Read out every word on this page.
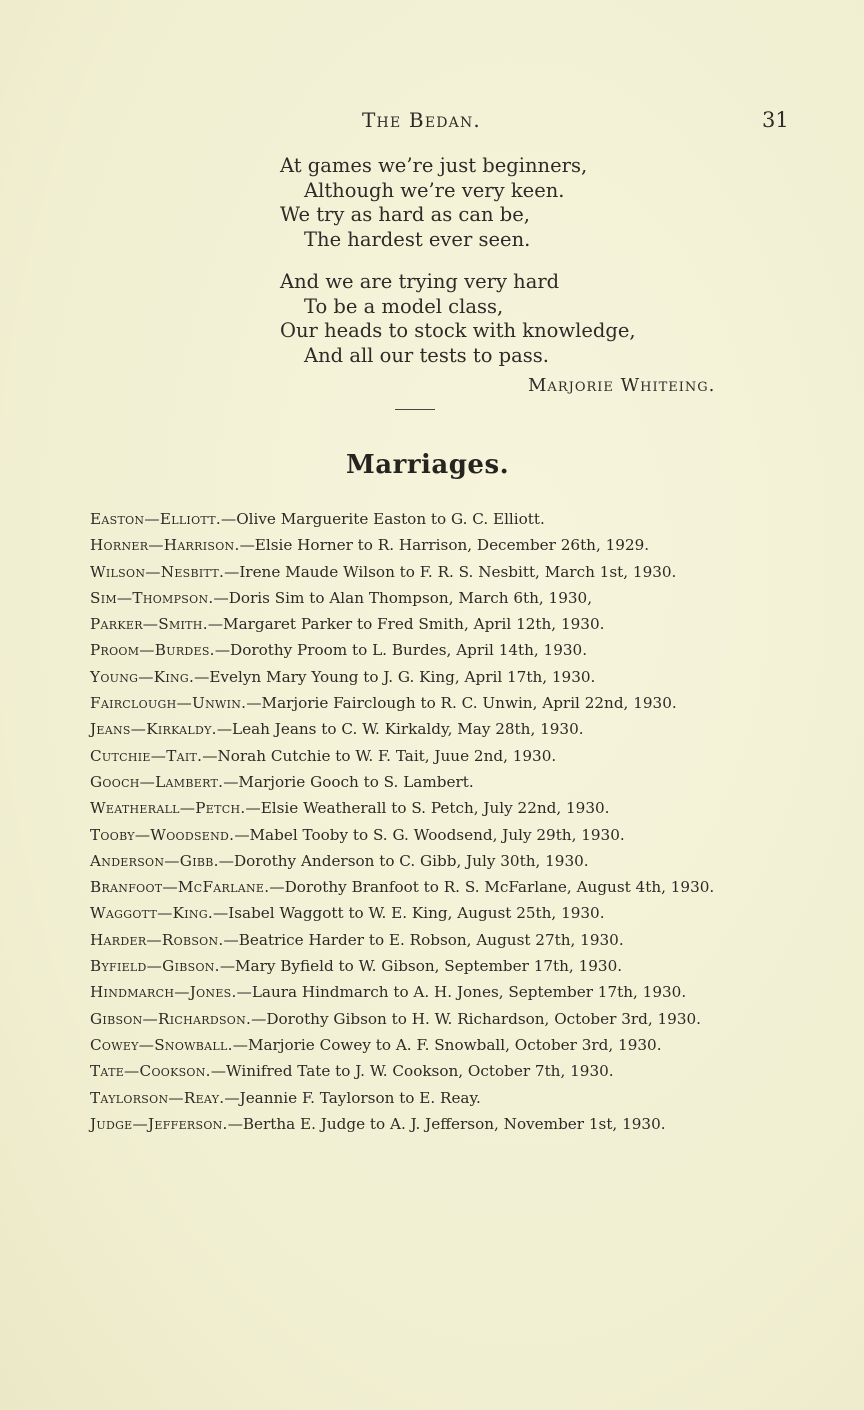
The Bedan.	31
At games we’re just beginners,
Although we’re very keen.
We try as hard as can be,
The hardest ever seen.
And we are trying very hard
To be a model class,
Our heads to stock with knowledge,
And all our tests to pass.
Marjorie Whiteing.
Marriages.
Easton—Elliott.—Olive Marguerite Easton to G. C. Elliott.
Horner—Harrison.—Elsie Horner to R. Harrison, December 26th, 1929.
Wilson—Nesbitt.—Irene Maude Wilson to F. R. S. Nesbitt, March 1st, 1930.
Sim—Thompson.—Doris Sim to Alan Thompson, March 6th, 1930,
Parker—Smith.—Margaret Parker to Fred Smith, April 12th, 1930.
Proom—Burdes.—Dorothy Proom to L. Burdes, April 14th, 1930.
Young—King.—Evelyn Mary Young to J. G. King, April 17th, 1930.
Fairclough—Unwin.—Marjorie Fairclough to R. C. Unwin, April 22nd, 1930.
Jeans—Kirkaldy.—Leah Jeans to C. W. Kirkaldy, May 28th, 1930.
Cutchie—Tait.—Norah Cutchie to W. F. Tait, Juue 2nd, 1930.
Gooch—Lambert.—Marjorie Gooch to S. Lambert.
Weatherall—Petch.—Elsie Weatherall to S. Petch, July 22nd, 1930.
Tooby—Woodsend.—Mabel Tooby to S. G. Woodsend, July 29th, 1930.
Anderson—Gibb.—Dorothy Anderson to C. Gibb, July 30th, 1930.
Branfoot—McFarlane.—Dorothy Branfoot to R. S. McFarlane, August 4th, 1930.
Waggott—King.—Isabel Waggott to W. E. King, August 25th, 1930.
Harder—Robson.—Beatrice Harder to E. Robson, August 27th, 1930.
Byfield—Gibson.—Mary Byfield to W. Gibson, September 17th, 1930.
Hindmarch—Jones.—Laura Hindmarch to A. H. Jones, September 17th, 1930.
Gibson—Richardson.—Dorothy Gibson to H. W. Richardson, October 3rd, 1930.
Cowey—Snowball.—Marjorie Cowey to A. F. Snowball, October 3rd, 1930.
Tate—Cookson.—Winifred Tate to J. W. Cookson, October 7th, 1930.
Taylorson—Reay.—Jeannie F. Taylorson to E. Reay.
Judge—Jefferson.—Bertha E. Judge to A. J. Jefferson, November 1st, 1930.
